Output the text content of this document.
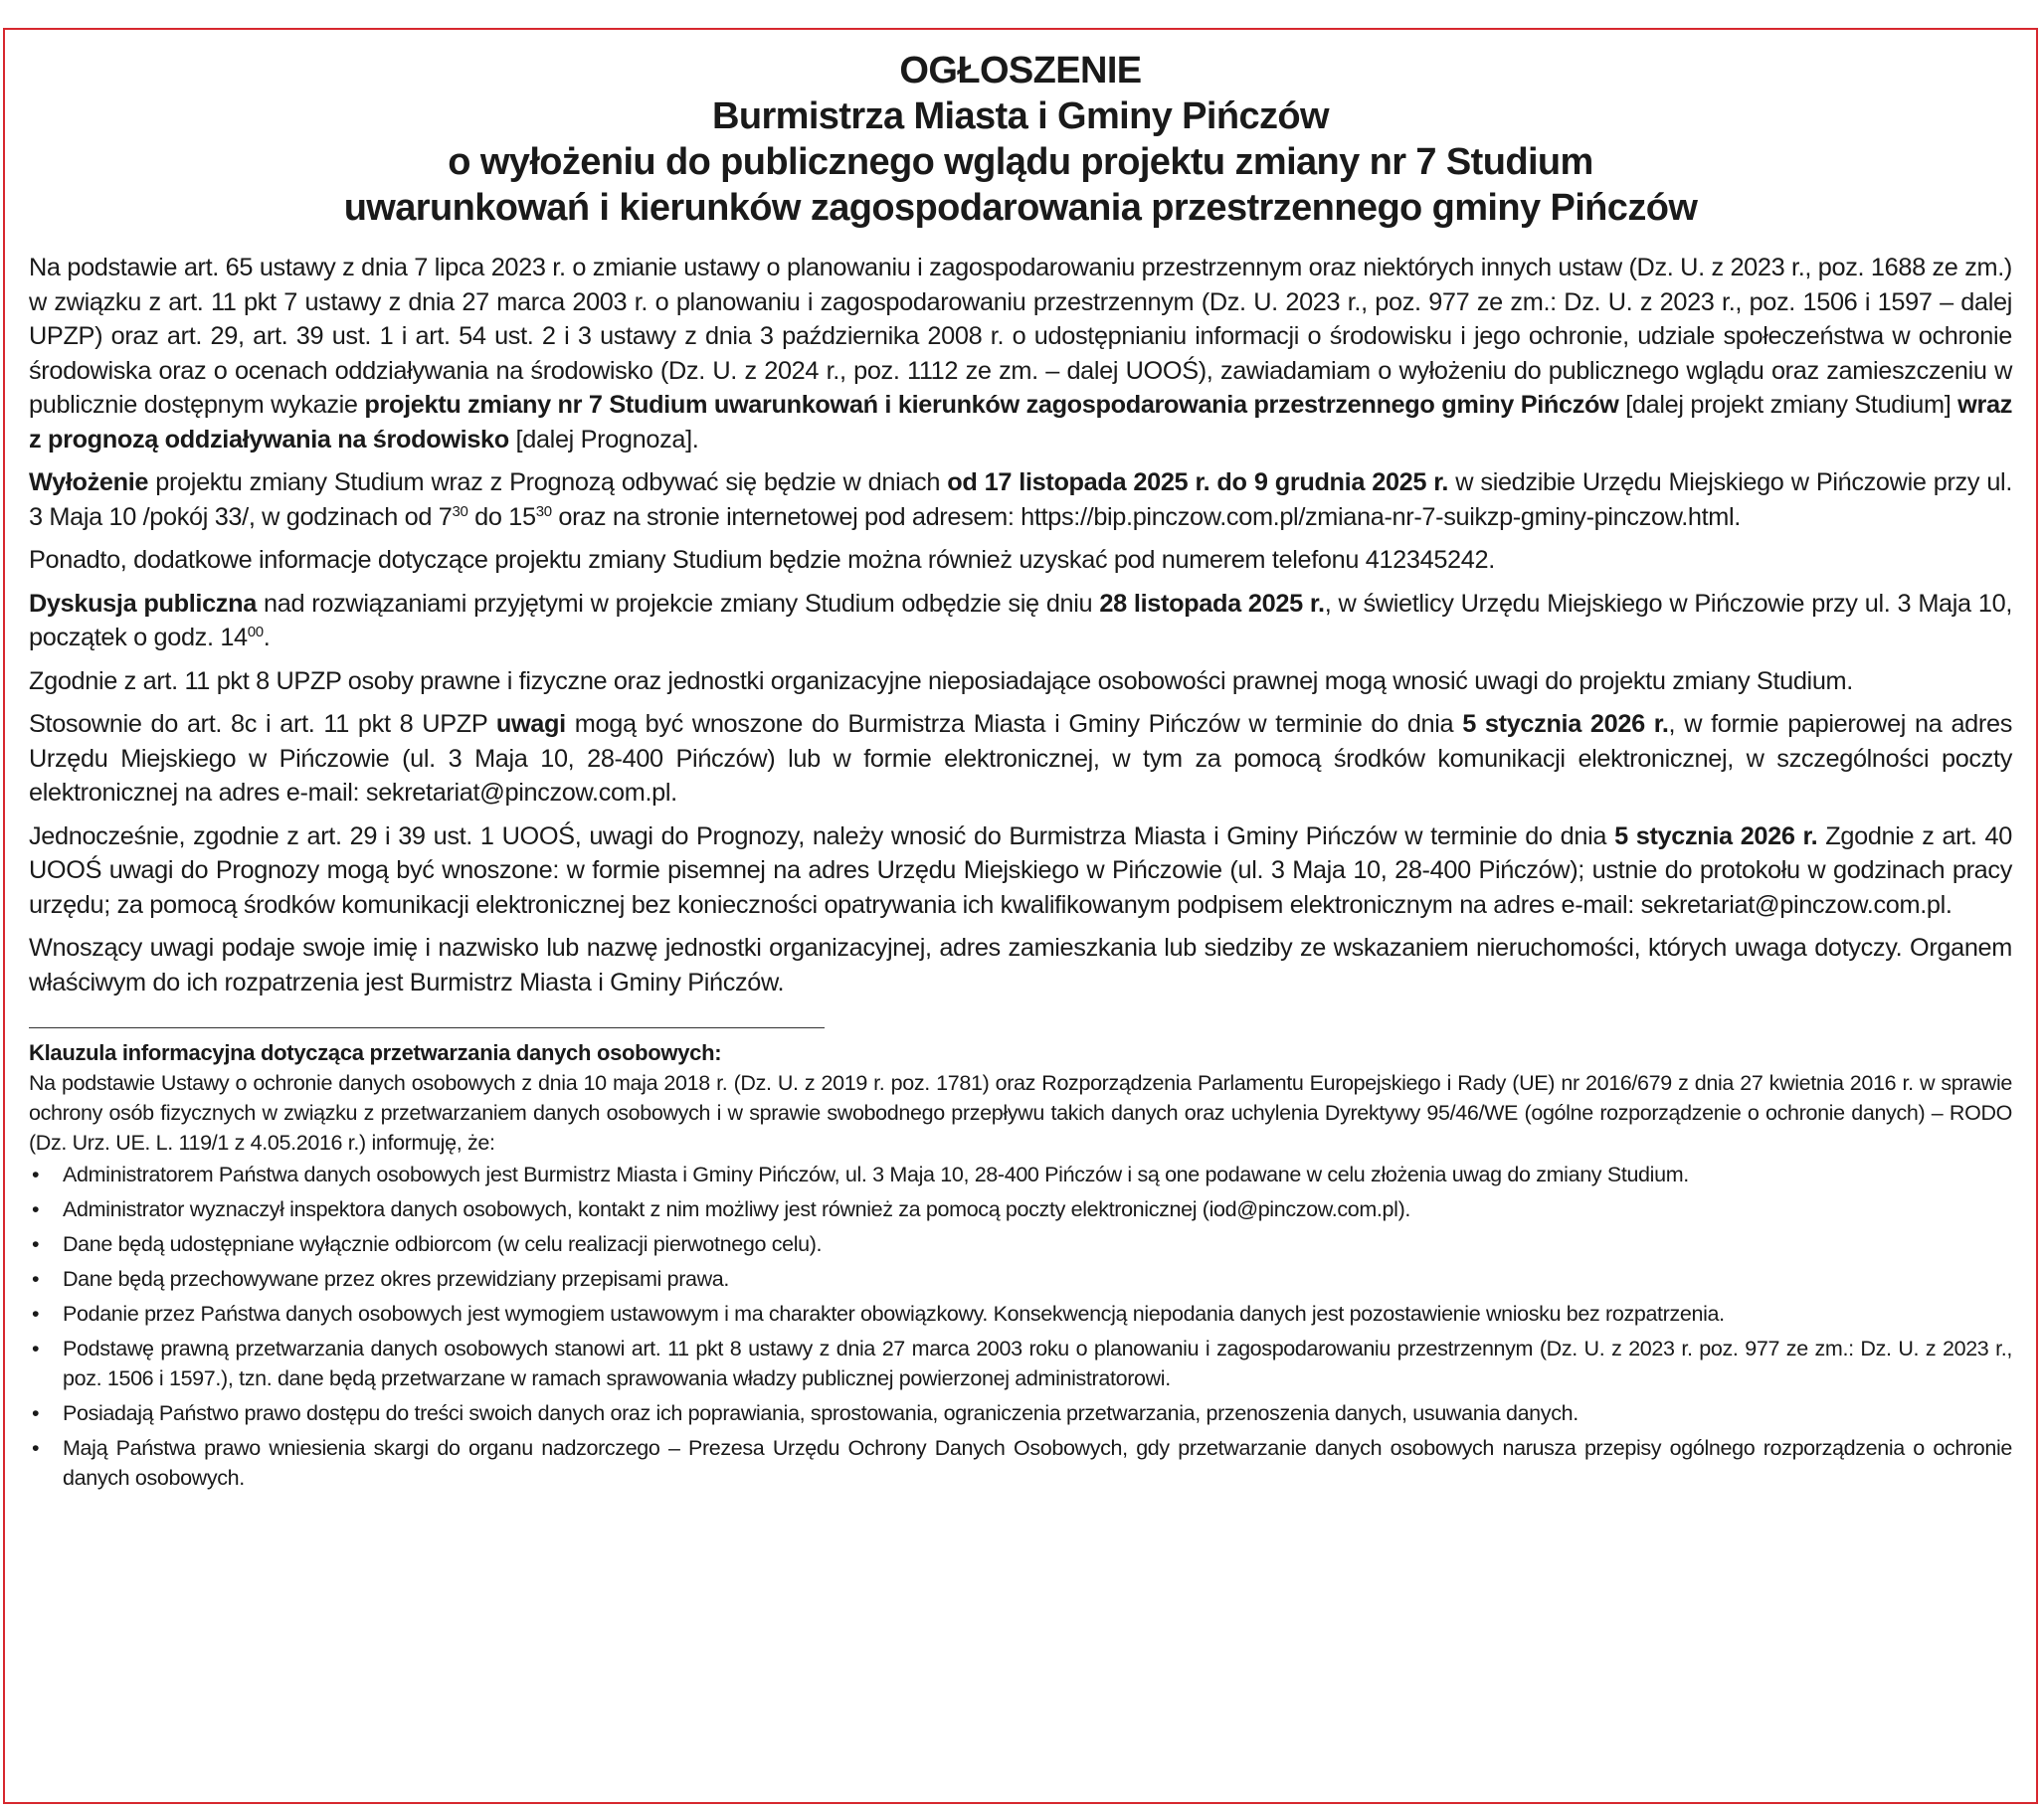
OGŁOSZENIE
Burmistrza Miasta i Gminy Pińczów
o wyłożeniu do publicznego wglądu projektu zmiany nr 7 Studium
uwarunkowań i kierunków zagospodarowania przestrzennego gminy Pińczów

Na podstawie art. 65 ustawy z dnia 7 lipca 2023 r. o zmianie ustawy o planowaniu i zagospodarowaniu przestrzennym oraz niektórych innych ustaw (Dz. U. z 2023 r., poz. 1688 ze zm.) w związku z art. 11 pkt 7 ustawy z dnia 27 marca 2003 r. o planowaniu i zagospodarowaniu przestrzennym (Dz. U. 2023 r., poz. 977 ze zm.: Dz. U. z 2023 r., poz. 1506 i 1597 – dalej UPZP) oraz art. 29, art. 39 ust. 1 i art. 54 ust. 2 i 3 ustawy z dnia 3 października 2008 r. o udostępnianiu informacji o środowisku i jego ochronie, udziale społeczeństwa w ochronie środowiska oraz o ocenach oddziaływania na środowisko (Dz. U. z 2024 r., poz. 1112 ze zm. – dalej UOOŚ), zawiadamiam o wyłożeniu do publicznego wglądu oraz zamieszczeniu w publicznie dostępnym wykazie projektu zmiany nr 7 Studium uwarunkowań i kierunków zagospodarowania przestrzennego gminy Pińczów [dalej projekt zmiany Studium] wraz z prognozą oddziaływania na środowisko [dalej Prognoza].

Wyłożenie projektu zmiany Studium wraz z Prognozą odbywać się będzie w dniach od 17 listopada 2025 r. do 9 grudnia 2025 r. w siedzibie Urzędu Miejskiego w Pińczowie przy ul. 3 Maja 10 /pokój 33/, w godzinach od $7^{30}$ do $15^{30}$ oraz na stronie internetowej pod adresem: https://bip.pinczow.com.pl/zmiana-nr-7-suikzp-gminy-pinczow.html.

Ponadto, dodatkowe informacje dotyczące projektu zmiany Studium będzie można również uzyskać pod numerem telefonu 412345242.

Dyskusja publiczna nad rozwiązaniami przyjętymi w projekcie zmiany Studium odbędzie się dniu 28 listopada 2025 r., w świetlicy Urzędu Miejskiego w Pińczowie przy ul. 3 Maja 10, początek o godz. $14^{00}$.

Zgodnie z art. 11 pkt 8 UPZP osoby prawne i fizyczne oraz jednostki organizacyjne nieposiadające osobowości prawnej mogą wnosić uwagi do projektu zmiany Studium.

Stosownie do art. 8c i art. 11 pkt 8 UPZP uwagi mogą być wnoszone do Burmistrza Miasta i Gminy Pińczów w terminie do dnia 5 stycznia 2026 r., w formie papierowej na adres Urzędu Miejskiego w Pińczowie (ul. 3 Maja 10, 28-400 Pińczów) lub w formie elektronicznej, w tym za pomocą środków komunikacji elektronicznej, w szczególności poczty elektronicznej na adres e-mail: sekretariat@pinczow.com.pl.

Jednocześnie, zgodnie z art. 29 i 39 ust. 1 UOOŚ, uwagi do Prognozy, należy wnosić do Burmistrza Miasta i Gminy Pińczów w terminie do dnia 5 stycznia 2026 r. Zgodnie z art. 40 UOOŚ uwagi do Prognozy mogą być wnoszone: w formie pisemnej na adres Urzędu Miejskiego w Pińczowie (ul. 3 Maja 10, 28-400 Pińczów); ustnie do protokołu w godzinach pracy urzędu; za pomocą środków komunikacji elektronicznej bez konieczności opatrywania ich kwalifikowanym podpisem elektronicznym na adres e-mail: sekretariat@pinczow.com.pl.

Wnoszący uwagi podaje swoje imię i nazwisko lub nazwę jednostki organizacyjnej, adres zamieszkania lub siedziby ze wskazaniem nieruchomości, których uwaga dotyczy. Organem właściwym do ich rozpatrzenia jest Burmistrz Miasta i Gminy Pińczów.

Klauzula informacyjna dotycząca przetwarzania danych osobowych:

Na podstawie Ustawy o ochronie danych osobowych z dnia 10 maja 2018 r. (Dz. U. z 2019 r. poz. 1781) oraz Rozporządzenia Parlamentu Europejskiego i Rady (UE) nr 2016/679 z dnia 27 kwietnia 2016 r. w sprawie ochrony osób fizycznych w związku z przetwarzaniem danych osobowych i w sprawie swobodnego przepływu takich danych oraz uchylenia Dyrektywy 95/46/WE (ogólne rozporządzenie o ochronie danych) – RODO (Dz. Urz. UE. L. 119/1 z 4.05.2016 r.) informuję, że:

• Administratorem Państwa danych osobowych jest Burmistrz Miasta i Gminy Pińczów, ul. 3 Maja 10, 28-400 Pińczów i są one podawane w celu złożenia uwag do zmiany Studium.
• Administrator wyznaczył inspektora danych osobowych, kontakt z nim możliwy jest również za pomocą poczty elektronicznej (iod@pinczow.com.pl).
• Dane będą udostępniane wyłącznie odbiorcom (w celu realizacji pierwotnego celu).
• Dane będą przechowywane przez okres przewidziany przepisami prawa.
• Podanie przez Państwa danych osobowych jest wymogiem ustawowym i ma charakter obowiązkowy. Konsekwencją niepodania danych jest pozostawienie wniosku bez rozpatrzenia.
• Podstawę prawną przetwarzania danych osobowych stanowi art. 11 pkt 8 ustawy z dnia 27 marca 2003 roku o planowaniu i zagospodarowaniu przestrzennym (Dz. U. z 2023 r. poz. 977 ze zm.: Dz. U. z 2023 r., poz. 1506 i 1597.), tzn. dane będą przetwarzane w ramach sprawowania władzy publicznej powierzonej administratorowi.
• Posiadają Państwo prawo dostępu do treści swoich danych oraz ich poprawiania, sprostowania, ograniczenia przetwarzania, przenoszenia danych, usuwania danych.
• Mają Państwa prawo wniesienia skargi do organu nadzorczego – Prezesa Urzędu Ochrony Danych Osobowych, gdy przetwarzanie danych osobowych narusza przepisy ogólnego rozporządzenia o ochronie danych osobowych.
